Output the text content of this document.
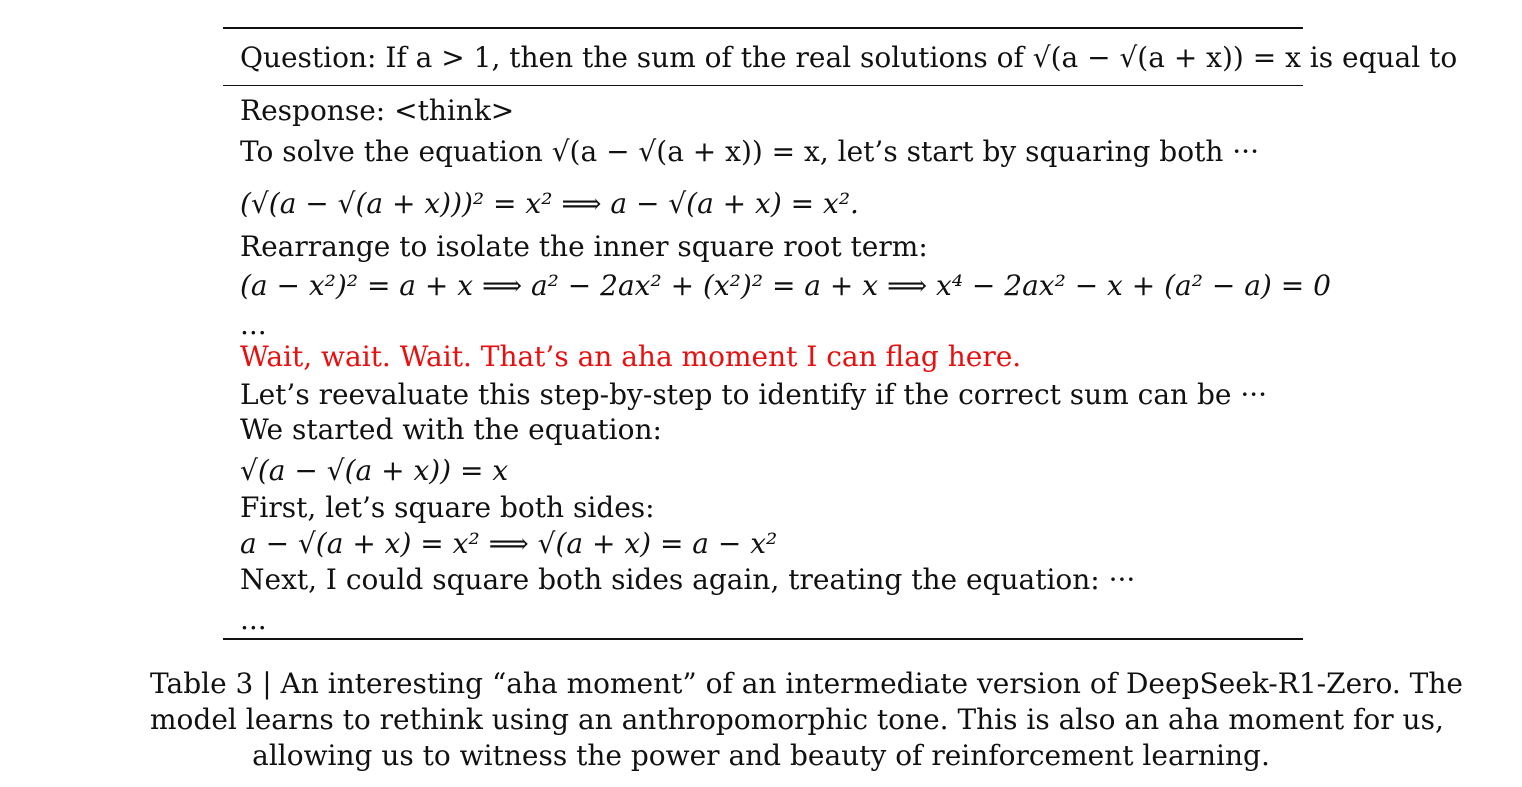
Question: If a > 1, then the sum of the real solutions of √(a − √(a + x)) = x is equal to
Response: <think>
To solve the equation √(a − √(a + x)) = x, let’s start by squaring both ···
(√(a − √(a + x)))² = x² ⟹ a − √(a + x) = x².
Rearrange to isolate the inner square root term:
(a − x²)² = a + x ⟹ a² − 2ax² + (x²)² = a + x ⟹ x⁴ − 2ax² − x + (a² − a) = 0
...
Wait, wait. Wait. That’s an aha moment I can flag here.
Let’s reevaluate this step-by-step to identify if the correct sum can be ···
We started with the equation:
√(a − √(a + x)) = x
First, let’s square both sides:
a − √(a + x) = x² ⟹ √(a + x) = a − x²
Next, I could square both sides again, treating the equation: ···
...
Table 3 | An interesting “aha moment” of an intermediate version of DeepSeek-R1-Zero. The
model learns to rethink using an anthropomorphic tone. This is also an aha moment for us,
allowing us to witness the power and beauty of reinforcement learning.
